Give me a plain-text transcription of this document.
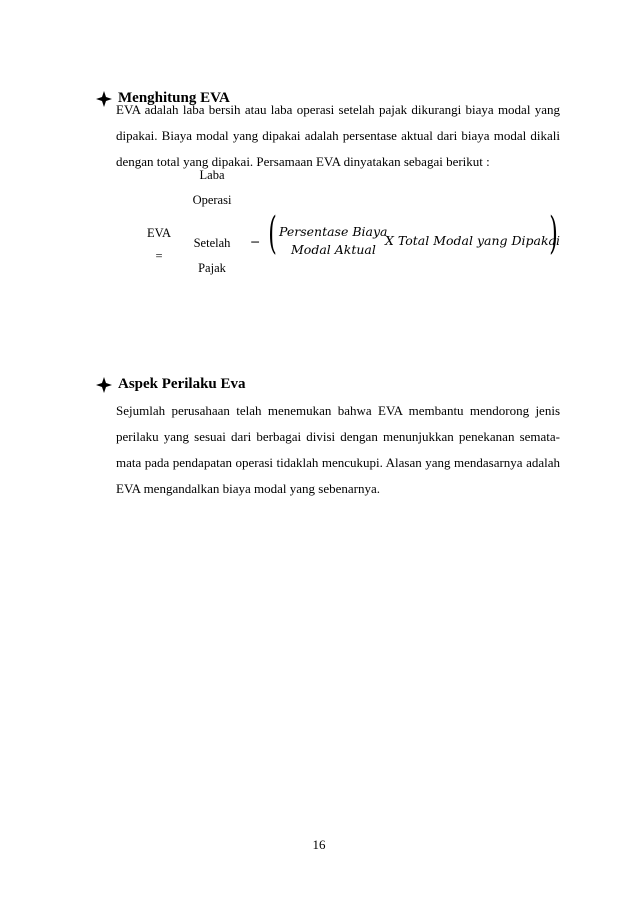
Menghitung EVA
EVA adalah laba bersih atau laba operasi setelah pajak dikurangi biaya modal yang
dipakai. Biaya modal yang dipakai adalah persentase aktual dari biaya modal dikali
dengan total yang dipakai. Persamaan EVA dinyatakan sebagai berikut :
EVA
=
Laba
Operasi
Setelah
Pajak
− ( Persentase Biaya
Modal Aktual
X Total Modal yang Dipakai
)
Aspek Perilaku Eva
Sejumlah perusahaan telah menemukan bahwa EVA membantu mendorong jenis
perilaku yang sesuai dari berbagai divisi dengan menunjukkan penekanan semata-
mata pada pendapatan operasi tidaklah mencukupi. Alasan yang mendasarnya adalah
EVA mengandalkan biaya modal yang sebenarnya.
16
